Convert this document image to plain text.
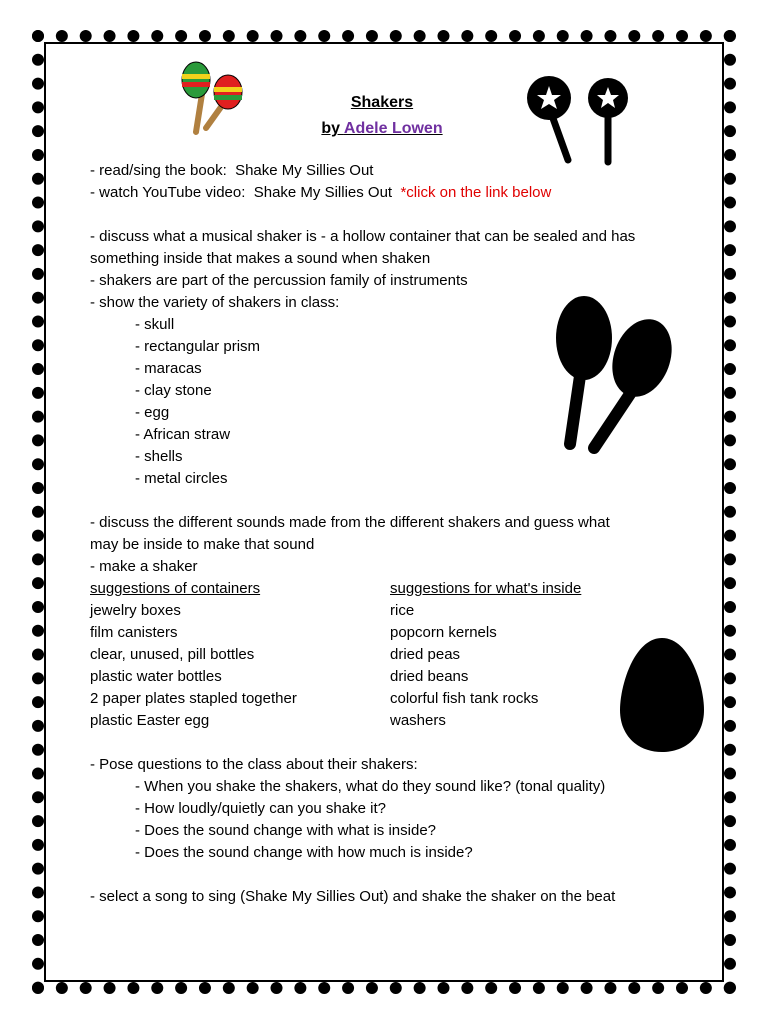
Shakers
by Adele Lowen
- read/sing the book:  Shake My Sillies Out
- watch YouTube video:  Shake My Sillies Out *click on the link below
- discuss what a musical shaker is - a hollow container that can be sealed and has
something inside that makes a sound when shaken
- shakers are part of the percussion family of instruments
- show the variety of shakers in class:
- skull
- rectangular prism
- maracas
- clay stone
- egg
- African straw
- shells
- metal circles
- discuss the different sounds made from the different shakers and guess what
may be inside to make that sound
- make a shaker
suggestions of containers
jewelry boxes
film canisters
clear, unused, pill bottles
plastic water bottles
2 paper plates stapled together
plastic Easter egg
suggestions for what's inside
rice
popcorn kernels
dried peas
dried beans
colorful fish tank rocks
washers
- Pose questions to the class about their shakers:
- When you shake the shakers, what do they sound like? (tonal quality)
- How loudly/quietly can you shake it?
- Does the sound change with what is inside?
- Does the sound change with how much is inside?
- select a song to sing (Shake My Sillies Out) and shake the shaker on the beat
